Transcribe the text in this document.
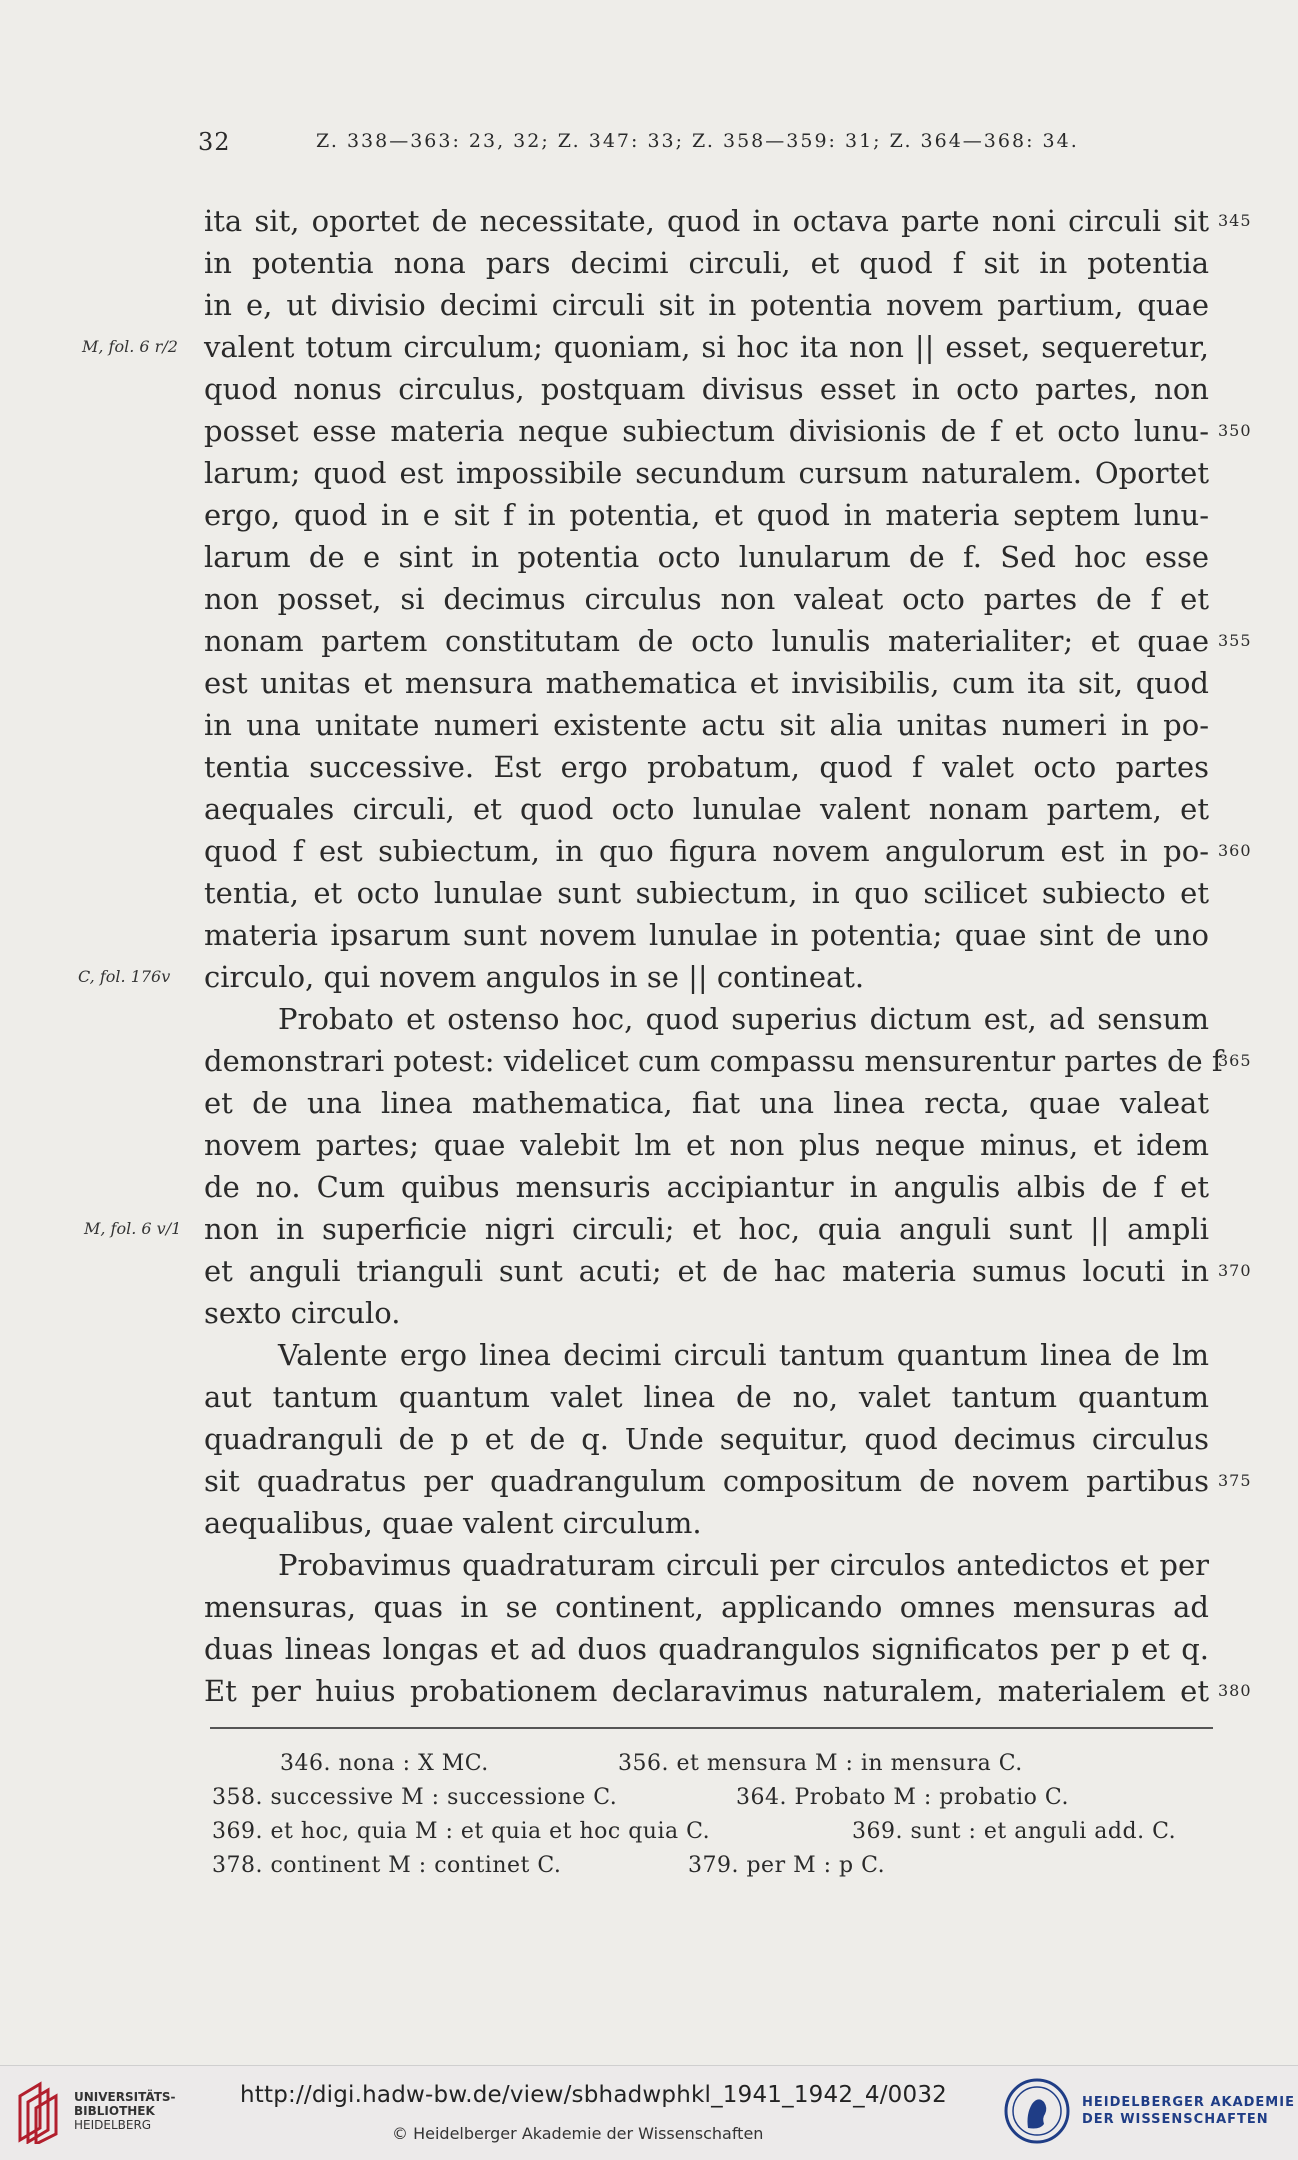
32	Z. 338—363: 23, 32; Z. 347: 33; Z. 358—359: 31; Z. 364—368: 34.
ita sit, oportet de necessitate, quod in octava parte noni circuli sit
in potentia nona pars decimi circuli, et quod f sit in potentia
in e, ut divisio decimi circuli sit in potentia novem partium, quae
valent totum circulum; quoniam, si hoc ita non || esset, sequeretur,
quod nonus circulus, postquam divisus esset in octo partes, non
posset esse materia neque subiectum divisionis de f et octo lunu-
larum; quod est impossibile secundum cursum naturalem. Oportet
ergo, quod in e sit f in potentia, et quod in materia septem lunu-
larum de e sint in potentia octo lunularum de f. Sed hoc esse
non posset, si decimus circulus non valeat octo partes de f et
nonam partem constitutam de octo lunulis materialiter; et quae
est unitas et mensura mathematica et invisibilis, cum ita sit, quod
in una unitate numeri existente actu sit alia unitas numeri in po-
tentia successive. Est ergo probatum, quod f valet octo partes
aequales circuli, et quod octo lunulae valent nonam partem, et
quod f est subiectum, in quo figura novem angulorum est in po-
tentia, et octo lunulae sunt subiectum, in quo scilicet subiecto et
materia ipsarum sunt novem lunulae in potentia; quae sint de uno
circulo, qui novem angulos in se || contineat.
Probato et ostenso hoc, quod superius dictum est, ad sensum
demonstrari potest: videlicet cum compassu mensurentur partes de f
et de una linea mathematica, fiat una linea recta, quae valeat
novem partes; quae valebit lm et non plus neque minus, et idem
de no. Cum quibus mensuris accipiantur in angulis albis de f et
non in superficie nigri circuli; et hoc, quia anguli sunt || ampli
et anguli trianguli sunt acuti; et de hac materia sumus locuti in
sexto circulo.
Valente ergo linea decimi circuli tantum quantum linea de lm
aut tantum quantum valet linea de no, valet tantum quantum
quadranguli de p et de q. Unde sequitur, quod decimus circulus
sit quadratus per quadrangulum compositum de novem partibus
aequalibus, quae valent circulum.
Probavimus quadraturam circuli per circulos antedictos et per
mensuras, quas in se continent, applicando omnes mensuras ad
duas lineas longas et ad duos quadrangulos significatos per p et q.
Et per huius probationem declaravimus naturalem, materialem et
345
350
355
360
365
370
375
380
M, fol. 6 r/2
C, fol. 176v
M, fol. 6 v/1
346. nona : X MC.	356. et mensura M : in mensura C.
358. successive M : successione C.	364. Probato M : probatio C.
369. et hoc, quia M : et quia et hoc quia C.	369. sunt : et anguli add. C.
378. continent M : continet C.	379. per M : p C.
UNIVERSITÄTS-
BIBLIOTHEK
HEIDELBERG
http://digi.hadw-bw.de/view/sbhadwphkl_1941_1942_4/0032
© Heidelberger Akademie der Wissenschaften
HEIDELBERGER AKADEMIE
DER WISSENSCHAFTEN
